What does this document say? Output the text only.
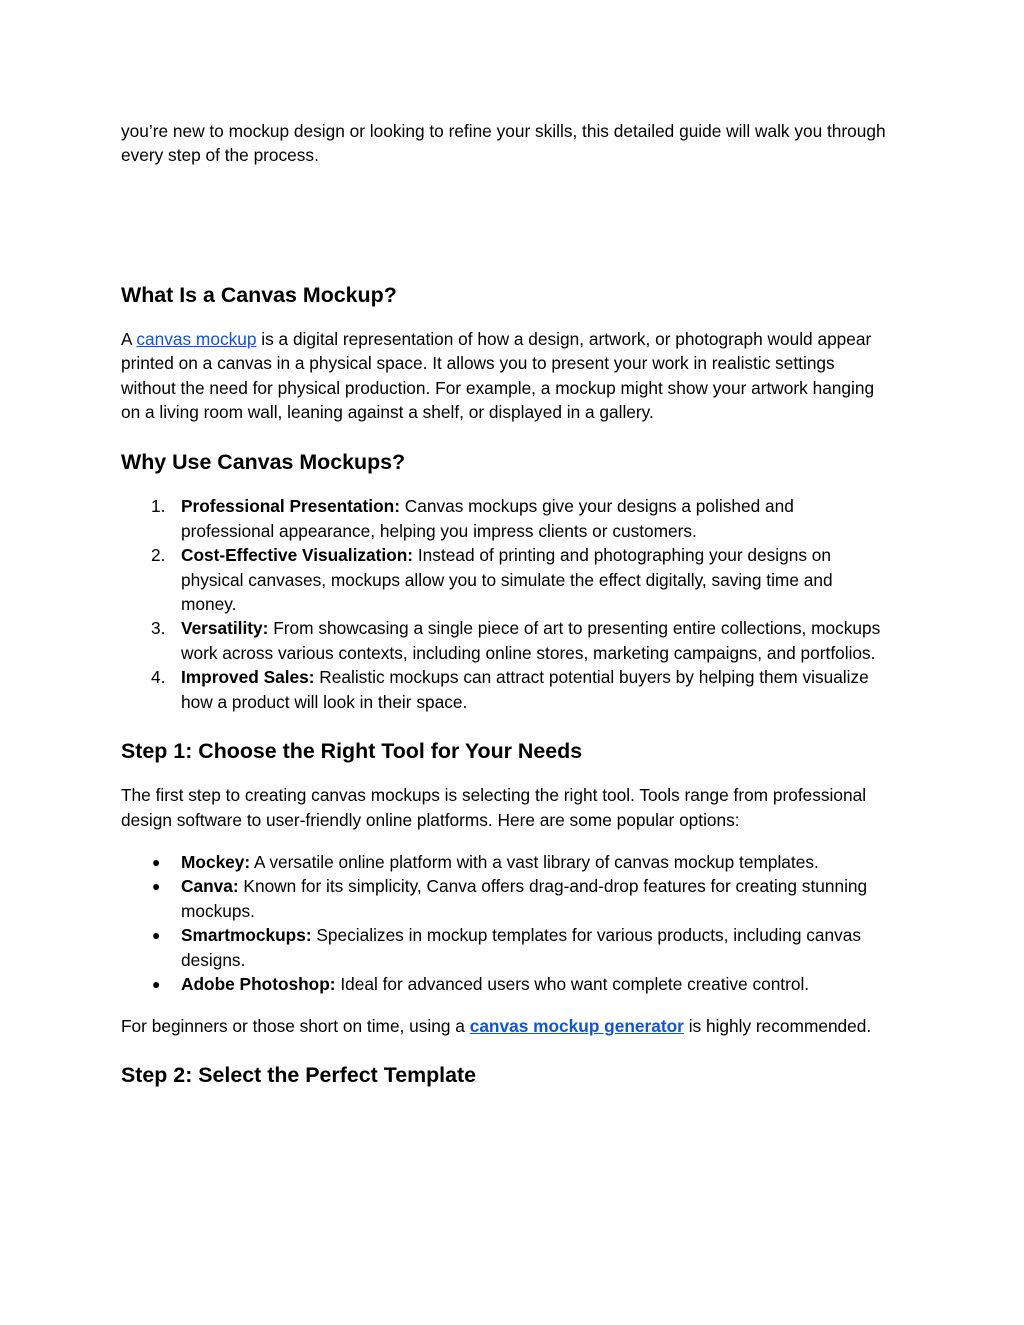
you’re new to mockup design or looking to refine your skills, this detailed guide will walk you through every step of the process.

What Is a Canvas Mockup?

A canvas mockup is a digital representation of how a design, artwork, or photograph would appear printed on a canvas in a physical space. It allows you to present your work in realistic settings without the need for physical production. For example, a mockup might show your artwork hanging on a living room wall, leaning against a shelf, or displayed in a gallery.

Why Use Canvas Mockups?
1. Professional Presentation: Canvas mockups give your designs a polished and professional appearance, helping you impress clients or customers.
2. Cost-Effective Visualization: Instead of printing and photographing your designs on physical canvases, mockups allow you to simulate the effect digitally, saving time and money.
3. Versatility: From showcasing a single piece of art to presenting entire collections, mockups work across various contexts, including online stores, marketing campaigns, and portfolios.
4. Improved Sales: Realistic mockups can attract potential buyers by helping them visualize how a product will look in their space.
Step 1: Choose the Right Tool for Your Needs

The first step to creating canvas mockups is selecting the right tool. Tools range from professional design software to user-friendly online platforms. Here are some popular options:

● Mockey: A versatile online platform with a vast library of canvas mockup templates.
● Canva: Known for its simplicity, Canva offers drag-and-drop features for creating stunning mockups.
● Smartmockups: Specializes in mockup templates for various products, including canvas designs.
● Adobe Photoshop: Ideal for advanced users who want complete creative control.

For beginners or those short on time, using a canvas mockup generator is highly recommended.

Step 2: Select the Perfect Template
